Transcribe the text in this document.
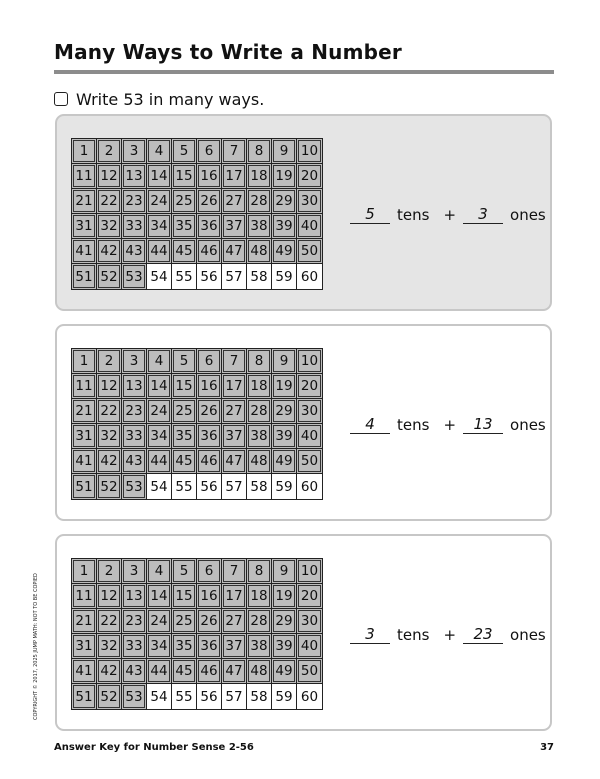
Many Ways to Write a Number
Write 53 in many ways.
1	2	3	4	5	6	7	8	9 10
11 12 13 14 15 16 17 18 19 20
21 22 23 24 25 26 27 28 29 30
31 32 33 34 35 36 37 38 39 40
41 42 43 44 45 46 47 48 49 50
51 52 53 54 55 56 57 58 59 60
5	tens +	3	ones
1	2	3	4	5	6	7	8	9 10
11 12 13 14 15 16 17 18 19 20
21 22 23 24 25 26 27 28 29 30
31 32 33 34 35 36 37 38 39 40
41 42 43 44 45 46 47 48 49 50
51 52 53 54 55 56 57 58 59 60
4	tens +	13	ones
1	2	3	4	5	6	7	8	9 10
11 12 13 14 15 16 17 18 19 20
21 22 23 24 25 26 27 28 29 30
31 32 33 34 35 36 37 38 39 40
41 42 43 44 45 46 47 48 49 50
51 52 53 54 55 56 57 58 59 60
3	tens +	23	ones
COPYRIGHT © 2017, 2025 JUMP MATH: NOT TO BE COPIED
Answer Key for Number Sense 2-56	37
